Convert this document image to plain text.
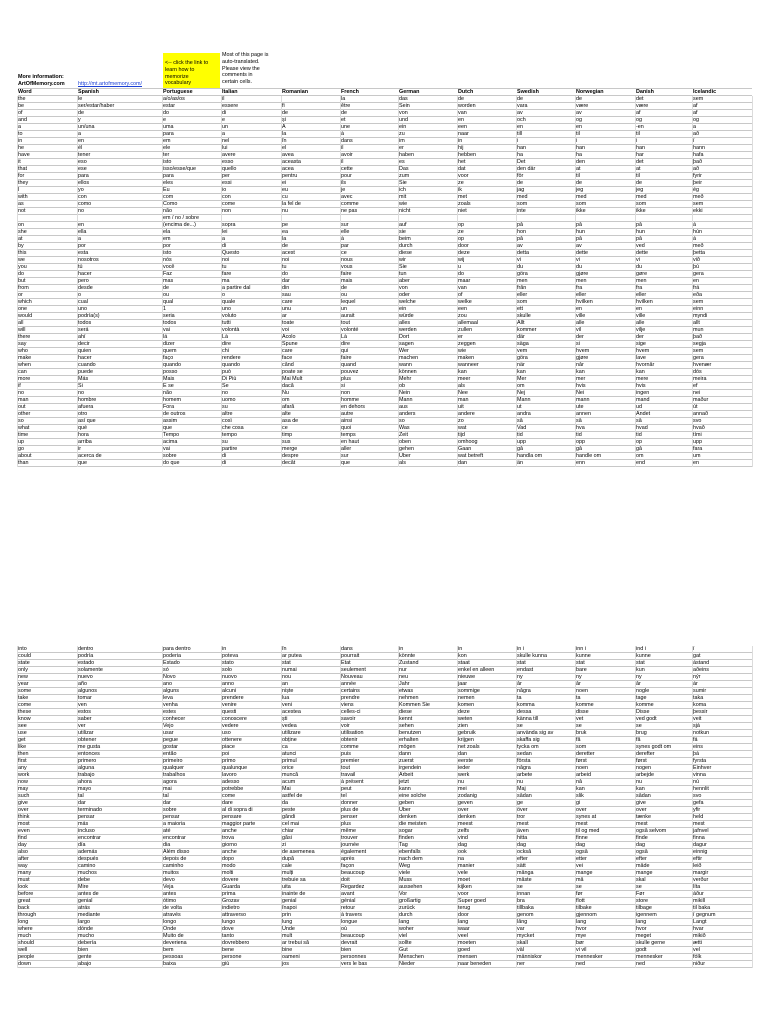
<-- click the link to
learn how to
memorize
vocabulary
Most of this page is
auto-translated.
Please view the
comments in
certain cells.
More information:
ArtOfMemory.com http://mt.artofmemory.com/
Word	Spanish	Portuguese	Italian	Romanian	French	German	Dutch	Swedish	Norwegian	Danish	Icelandic
the	le	a/o/as/os	il	la	das	de	de	de	det	sem
be	ser/estar/haber	estar	essere	fi	être	Sein	worden	vara	være	være	af
of	de	do	di	de	de	von	van	av	av	af	af
and	y	e	e	și	et	und	en	och	og	og	og
a	un/una	uma	un	A	une	ein	een	en	en	-en	a
to	a	para	a	la	à	zu	naar	till	til	til	að
in	en	em	nel	în	dans	im	in	i	i	i	í
he	él	ele	lui	el	il	er	hij	han	han	han	hann
have	tener	ter	avere	avea	avoir	haben	hebben	ha	ha	har	hafa
it	eso	isto	esso	aceasta	il	es	het	Det	den	det	það
that	ese	isso/esse/que	quello	acea	cette	Das	dat	den där	at	at	að
for	para	para	per	pentru	pour	zum	voor	för	til	til	fyrir
they	ellos	eles	essi	ei	ils	Sie	ze	de	de	de	þeir
I	yo	Eu	io	eu	je	ich	ik	jag	jeg	jeg	ég
with	con	com	con	cu	avec	mit	met	med	med	med	með
as	como	Como	come	la fel de	comme	wie	zoals	som	som	som	sem
not	no	não	non	nu	ne pas	nicht	niet	inte	ikke	ikke	ekki
em / no / sobre
on	en	(encima de...)	sopra	pe	sur	auf	op	på	på	på	á
she	ella	ela	lei	ea	elle	sie	ze	hon	hun	hun	hún
at	a	em	a	la	à	beim	op	på	på	på	á
by	por	por	di	de	par	durch	door	av	av	ved	með
this	esta	isto	Questo	acest	ce	diese	deze	detta	dette	dette	þetta
we	nosotros	nós	noi	noi	nous	wir	wij	vi	vi	vi	við
you	tú	você	tu	tu	vous	Sie	u	du	du	du	þú
do	hacer	Faz	fare	do	faire	tun	do	göra	gjøre	gøre	gera
but	pero	mas	ma	dar	mais	aber	maar	men	men	men	en
from	desde	de	a partire dal	din	de	von	van	från	fra	fra	frá
or	o	ou	o	sau	ou	oder	of	eller	eller	eller	eða
which	cual	qual	quale	care	lequel	welche	welke	som	hvilken	hvilken	sem
one	uno	1	uno	unu	un	ein	een	ett	en	en	einn
would	podría(s)	seria	voluto	ar	aurait	würde	zou	skulle	ville	ville	myndi
all	todos	todos	tutti	toate	tout	alles	allemaal	Allt	alle	alle	allt
will	será	vai	volontà	voi	volonté	werden	zullen	kommer	vil	vilje	mun
there	ahí	lá	Là	Acolo	Là	Dort	er	där	der	der	það
say	decir	dizer	dire	Spune	dire	sagen	zeggen	säga	si	sige	segja
who	quien	quem	chi	care	qui	Wer	wie	vem	hvem	hvem	sem
make	hacer	faço	rendere	face	faire	machen	maken	göra	gjøre	lave	gera
when	cuando	quando	quando	când	quand	wann	wanneer	när	når	hvornår	hvenær
can	puede	posso	può	poate se	pouvez	können	kan	kan	kan	kan	dós
more	Más	Mais	Di Più	Mai Mult	plus	Mehr	meer	Mer	mer	mere	meira
if	Si	E se	Se	dacă	si	ob	als	om	hvis	hvis	ef
no	no	não	no	Nu	non	Nein	Nee	Nej	Nei	ingen	nei
man	hombre	homem	uomo	om	homme	Mann	man	Mann	mann	mand	maður
out	afuera	Fora	su	afară	en dehors	aus	uit	ut	ute	ud	út
other	otro	de outros	altre	alte	autre	anders	andere	andra	annen	Andet	annað
so	así que	assim	così	asa de	ainsi	so	zo	så	så	så	svo
what	qué	que	che cosa	ce	quoi	Was	wat	Vad	hva	hvad	hvað
time	hora	Tempo	tempo	timp	temps	Zeit	tijd	tid	tid	tid	tími
up	arriba	acima	su	sus	en haut	oben	omhoog	upp	opp	op	upp
go	ir	vai	partire	merge	aller	gehen	Gaan	gå	gå	gå	fara
about	acerca de	sobre	di	despre	sur	Über	wat betreft	handla om	handle om	om	um
than	que	do que	di	decât	que	als	dan	än	enn	end	en
into	dentro	para dentro	in	în	dans	in	in	in i	inn i	ind i	í
could	podría	poderia	poteva	ar putea	pourrait	könnte	kon	skulle kunna	kunne	kunne	gat
state	estado	Estado	stato	stat	Etat	Zustand	staat	stat	stat	stat	ástand
only	solamente	só	solo	numai	seulement	nur	enkel en alleen	endast	bare	kun	aðeins
new	nuevo	Novo	nuovo	nou	Nouveau	neu	nieuwe	ny	ny	ny	nýr
year	año	ano	anno	an	année	Jahr	jaar	år	år	år	ár
some	algunos	alguns	alcuni	niște	certains	etwas	sommige	några	noen	nogle	sumir
take	tomar	leva	prendere	lua	prendre	nehmen	nemen	ta	ta	tage	taka
come	ven	venha	venire	veni	viens	Kommen Sie	komen	komma	komme	komme	koma
these	estos	estes	questi	acestea	celles-ci	diese	deze	dessa	disse	Disse	þessir
know	saber	conhecer	conoscere	ști	savoir	kennt	weten	känna till	vet	ved godt	veit
see	ver	Vejo	vedere	vedea	voir	sehen	zien	se	se	se	sjá
use	utilizar	usar	uso	utilizare	utilisation	benutzen	gebruik	använda sig av	bruk	brug	notkun
get	obtener	pegue	ottenere	obține	obtenir	erhalten	krijgen	skaffa sig	få	få	fá
like	me gusta	gostar	piace	ca	comme	mögen	net zoals	tycka om	som	synes godt om	eins
then	entonces	então	poi	atunci	puis	dann	dan	sedan	deretter	derefter	þá
first	primero	primeiro	primo	primul	premier	zuerst	eerste	första	først	først	fyrsta
any	alguna	qualquer	qualunque	orice	tout	irgendein	ieder	några	noen	nogen	Einhver
work	trabajo	trabalhos	lavoro	muncă	travail	Arbeit	werk	arbete	arbeid	arbejde	vinna
now	ahora	agora	adesso	acum	à présent	jetzt	nu	nu	nå	nu	nú
may	mayo	mai	potrebbe	Mai	peut	kann	mei	Maj	kan	kan	hennlit
such	tal	tal	come	astfel de	tel	eine solche	zodanig	sådan	slik	sådan	svo
give	dar	dar	dare	da	donner	geben	geven	ge	gi	give	gefa
over	terminado	sobre	al di sopra di	peste	plus de	Über	over	över	over	over	yfir
think	pensar	pensar	pensare	gândi	penser	denken	denken	tror	synes at	tænke	held
most	más	a maioria	maggior parte	cel mai	plus	die meisten	meest	mest	mest	mest	mest
even	incluso	até	anche	chiar	même	sogar	zelfs	även	til og med	også selvom	jafnvel
find	encontrar	encontrar	trova	găsi	trouver	finden	vind	hitta	finne	finde	finna
day	día	dia	giorno	zi	journée	Tag	dag	dag	dag	dag	dagur
also	además	Além disso	anche	de asemenea	également	ebenfalls	ook	också	også	også	einnig
after	después	depois de	dopo	după	après	nach dem	na	efter	etter	efter	eftir
way	camino	caminho	modo	cale	façon	Weg	manier	sätt	vei	måde	leið
many	muchos	muitos	molti	mulți	beaucoup	viele	vele	många	mange	mange	margir
must	debe	devo	dovere	trebuie sa	doit	Muss	moet	måste	må	skal	verður
look	Mire	Veja	Guarda	uita	Regardez	aussehen	kijken	se	se	se	líta
before	antes de	antes	prima	inainte de	avant	Vor	voor	innan	før	Før	áður
great	genial	ótimo	Grozav	genial	génial	großartig	Super goed	bra	flott	store	mikill
back	atrás	de volta	indietro	înapoi	retour	zurück	terug	tillbaka	tilbake	tilbage	til baka
through	mediante	através	attraverso	prin	à travers	durch	door	genom	gjennom	igennem	í gegnum
long	largo	longo	lungo	lung	longue	lang	lang	lång	lang	lang	Langt
where	dónde	Onde	dove	Unde	où	woher	waar	var	hvor	hvor	hvar
much	mucho	Muito de	tanto	mult	beaucoup	viel	veel	mycket	mye	meget	mikið
should	debería	deveriena	dovrebbero	ar trebui să	devrait	sollte	moeten	skall	bør	skulle gerne	ætti
well	bien	bem	bene	bine	bien	Gut	goed	väl	vi vil	godt	vel
people	gente	pessoas	persone	oameni	personnes	Menschen	mensen	människor	mennesker	mennesker	fólk
down	abajo	baixa	giù	jos	vers le bas	Nieder	naar beneden	ner	ned	ned	niður
